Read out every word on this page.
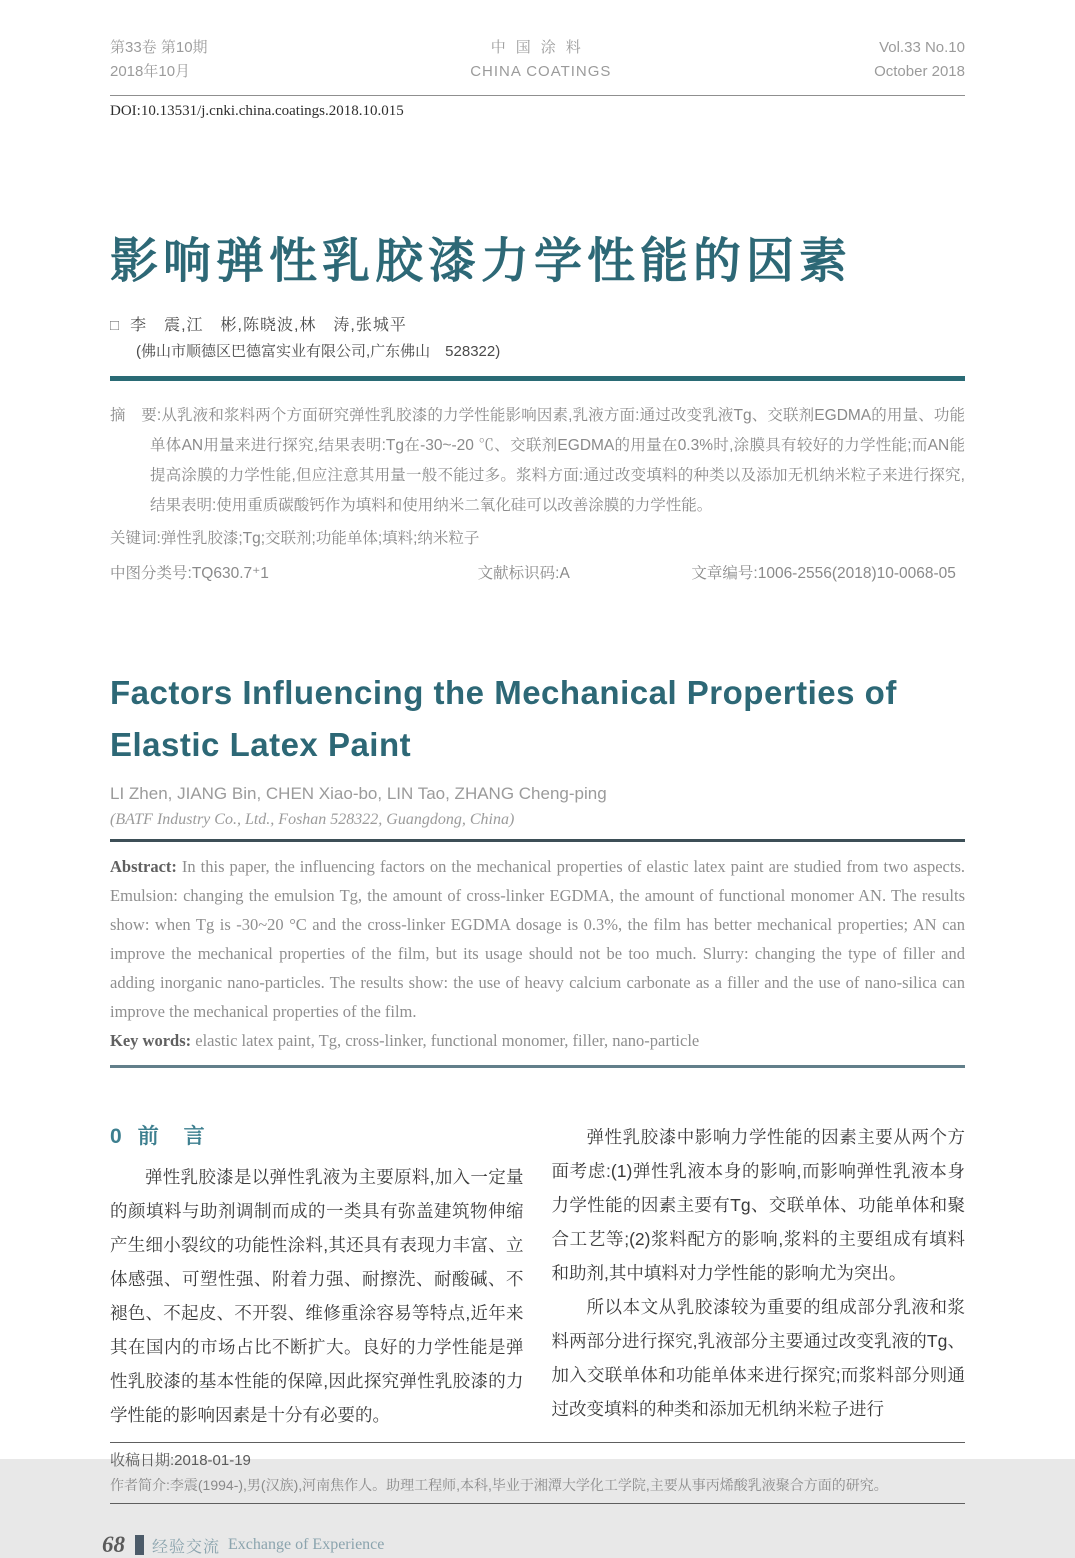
第33卷 第10期
2018年10月
中国涂料
CHINA COATINGS
Vol.33 No.10
October 2018
DOI:10.13531/j.cnki.china.coatings.2018.10.015
影响弹性乳胶漆力学性能的因素
□ 李　震,江　彬,陈晓波,林　涛,张城平
(佛山市顺德区巴德富实业有限公司,广东佛山　528322)

摘　要:从乳液和浆料两个方面研究弹性乳胶漆的力学性能影响因素,乳液方面:通过改变乳液Tg、交联剂EGDMA的用量、功能单体AN用量来进行探究,结果表明:Tg在-30~-20 ℃、交联剂EGDMA的用量在0.3%时,涂膜具有较好的力学性能;而AN能提高涂膜的力学性能,但应注意其用量一般不能过多。浆料方面:通过改变填料的种类以及添加无机纳米粒子来进行探究,结果表明:使用重质碳酸钙作为填料和使用纳米二氧化硅可以改善涂膜的力学性能。

关键词:弹性乳胶漆;Tg;交联剂;功能单体;填料;纳米粒子

中图分类号:TQ630.7⁺1	文献标识码:A	文章编号:1006-2556(2018)10-0068-05
Factors Influencing the Mechanical Properties of Elastic Latex Paint
LI Zhen, JIANG Bin, CHEN Xiao-bo, LIN Tao, ZHANG Cheng-ping
(BATF Industry Co., Ltd., Foshan 528322, Guangdong, China)

Abstract: In this paper, the influencing factors on the mechanical properties of elastic latex paint are studied from two aspects. Emulsion: changing the emulsion Tg, the amount of cross-linker EGDMA, the amount of functional monomer AN. The results show: when Tg is -30~20 °C and the cross-linker EGDMA dosage is 0.3%, the film has better mechanical properties; AN can improve the mechanical properties of the film, but its usage should not be too much. Slurry: changing the type of filler and adding inorganic nano-particles. The results show: the use of heavy calcium carbonate as a filler and the use of nano-silica can improve the mechanical properties of the film.

Key words: elastic latex paint, Tg, cross-linker, functional monomer, filler, nano-particle

0 前　言

弹性乳胶漆是以弹性乳液为主要原料,加入一定量的颜填料与助剂调制而成的一类具有弥盖建筑物伸缩产生细小裂纹的功能性涂料,其还具有表现力丰富、立体感强、可塑性强、附着力强、耐擦洗、耐酸碱、不褪色、不起皮、不开裂、维修重涂容易等特点,近年来其在国内的市场占比不断扩大。良好的力学性能是弹性乳胶漆的基本性能的保障,因此探究弹性乳胶漆的力学性能的影响因素是十分有必要的。

弹性乳胶漆中影响力学性能的因素主要从两个方面考虑:(1)弹性乳液本身的影响,而影响弹性乳液本身力学性能的因素主要有Tg、交联单体、功能单体和聚合工艺等;(2)浆料配方的影响,浆料的主要组成有填料和助剂,其中填料对力学性能的影响尤为突出。

所以本文从乳胶漆较为重要的组成部分乳液和浆料两部分进行探究,乳液部分主要通过改变乳液的Tg、加入交联单体和功能单体来进行探究;而浆料部分则通过改变填料的种类和添加无机纳米粒子进行

收稿日期:2018-01-19
作者简介:李震(1994-),男(汉族),河南焦作人。助理工程师,本科,毕业于湘潭大学化工学院,主要从事丙烯酸乳液聚合方面的研究。
68 经验交流 Exchange of Experience
